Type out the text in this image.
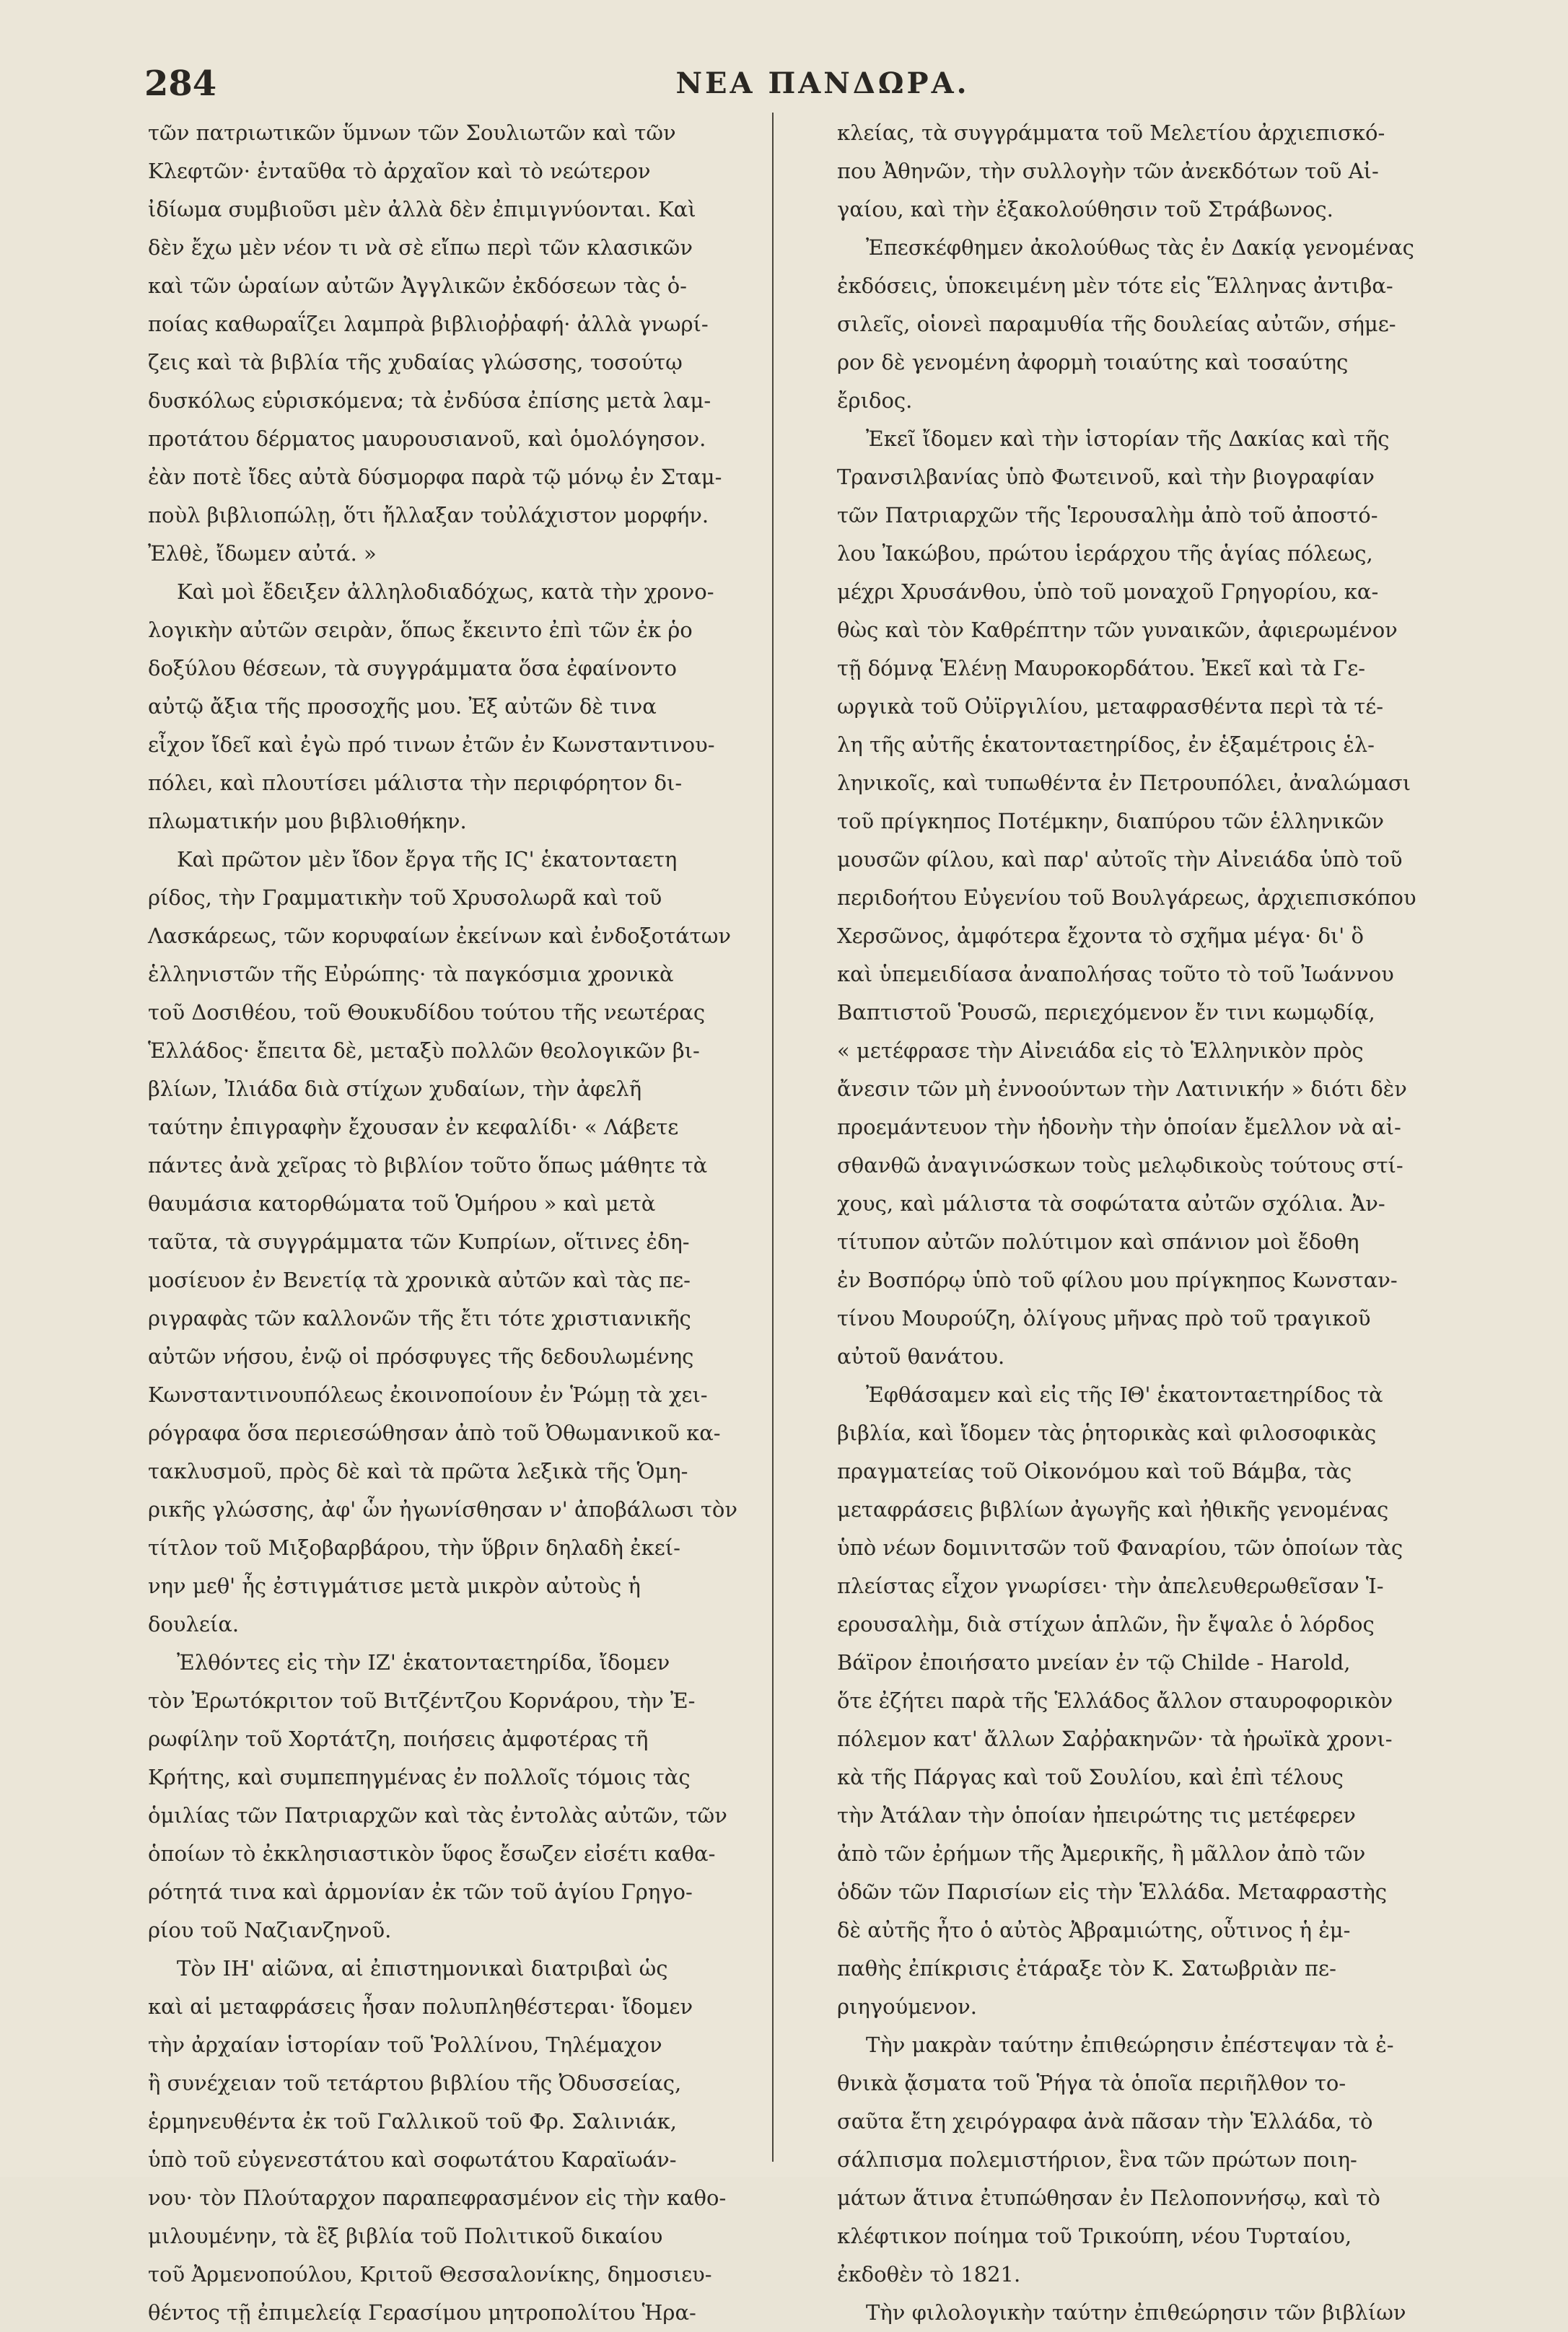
284	ΝΕΑ ΠΑΝΔΩΡΑ.

τῶν πατριωτικῶν ὕμνων τῶν Σουλιωτῶν καὶ τῶν
Κλεφτῶν· ἐνταῦθα τὸ ἀρχαῖον καὶ τὸ νεώτερον
ἰδίωμα συμβιοῦσι μὲν ἀλλὰ δὲν ἐπιμιγνύονται. Καὶ
δὲν ἔχω μὲν νέον τι νὰ σὲ εἴπω περὶ τῶν κλασικῶν
καὶ τῶν ὡραίων αὐτῶν Ἀγγλικῶν ἐκδόσεων τὰς ὁ-
ποίας καθωραΐζει λαμπρὰ βιβλιοῤῥαφή· ἀλλὰ γνωρί-
ζεις καὶ τὰ βιβλία τῆς χυδαίας γλώσσης, τοσούτῳ
δυσκόλως εὑρισκόμενα; τὰ ἐνδύσα ἐπίσης μετὰ λαμ-
προτάτου δέρματος μαυρουσιανοῦ, καὶ ὁμολόγησον.
ἐὰν ποτὲ ἴδες αὐτὰ δύσμορφα παρὰ τῷ μόνῳ ἐν Σταμ-
ποὺλ βιβλιοπώλῃ, ὅτι ἤλλαξαν τοὐλάχιστον μορφήν.
Ἐλθὲ, ἴδωμεν αὐτά. »

Καὶ μοὶ ἔδειξεν ἀλληλοδιαδόχως, κατὰ τὴν χρονο-
λογικὴν αὐτῶν σειρὰν, ὅπως ἔκειντο ἐπὶ τῶν ἐκ ῥο
δοξύλου θέσεων, τὰ συγγράμματα ὅσα ἐφαίνοντο
αὐτῷ ἄξια τῆς προσοχῆς μου. Ἐξ αὐτῶν δὲ τινα
εἶχον ἴδεῖ καὶ ἐγὼ πρό τινων ἐτῶν ἐν Κωνσταντινου-
πόλει, καὶ πλουτίσει μάλιστα τὴν περιφόρητον δι-
πλωματικήν μου βιβλιοθήκην.

Καὶ πρῶτον μὲν ἴδον ἔργα τῆς ΙϚ' ἑκατονταετη
ρίδος, τὴν Γραμματικὴν τοῦ Χρυσολωρᾶ καὶ τοῦ
Λασκάρεως, τῶν κορυφαίων ἐκείνων καὶ ἐνδοξοτάτων
ἑλληνιστῶν τῆς Εὐρώπης· τὰ παγκόσμια χρονικὰ
τοῦ Δοσιθέου, τοῦ Θουκυδίδου τούτου τῆς νεωτέρας
Ἑλλάδος· ἔπειτα δὲ, μεταξὺ πολλῶν θεολογικῶν βι-
βλίων, Ἰλιάδα διὰ στίχων χυδαίων, τὴν ἀφελῆ
ταύτην ἐπιγραφὴν ἔχουσαν ἐν κεφαλίδι· « Λάβετε
πάντες ἀνὰ χεῖρας τὸ βιβλίον τοῦτο ὅπως μάθητε τὰ
θαυμάσια κατορθώματα τοῦ Ὁμήρου » καὶ μετὰ
ταῦτα, τὰ συγγράμματα τῶν Κυπρίων, οἵτινες ἐδη-
μοσίευον ἐν Βενετίᾳ τὰ χρονικὰ αὐτῶν καὶ τὰς πε-
ριγραφὰς τῶν καλλονῶν τῆς ἔτι τότε χριστιανικῆς
αὐτῶν νήσου, ἐνῷ οἱ πρόσφυγες τῆς δεδουλωμένης
Κωνσταντινουπόλεως ἐκοινοποίουν ἐν Ῥώμῃ τὰ χει-
ρόγραφα ὅσα περιεσώθησαν ἀπὸ τοῦ Ὀθωμανικοῦ κα-
τακλυσμοῦ, πρὸς δὲ καὶ τὰ πρῶτα λεξικὰ τῆς Ὁμη-
ρικῆς γλώσσης, ἀφ' ὧν ἠγωνίσθησαν ν' ἀποβάλωσι τὸν
τίτλον τοῦ Μιξοβαρβάρου, τὴν ὕβριν δηλαδὴ ἐκεί-
νην μεθ' ἧς ἐστιγμάτισε μετὰ μικρὸν αὐτοὺς ἡ
δουλεία.

Ἐλθόντες εἰς τὴν ΙΖ' ἑκατονταετηρίδα, ἴδομεν
τὸν Ἐρωτόκριτον τοῦ Βιτζέντζου Κορνάρου, τὴν Ἐ-
ρωφίλην τοῦ Χορτάτζη, ποιήσεις ἀμφοτέρας τῆ
Κρήτης, καὶ συμπεπηγμένας ἐν πολλοῖς τόμοις τὰς
ὁμιλίας τῶν Πατριαρχῶν καὶ τὰς ἐντολὰς αὐτῶν, τῶν
ὁποίων τὸ ἐκκλησιαστικὸν ὕφος ἔσωζεν εἰσέτι καθα-
ρότητά τινα καὶ ἁρμονίαν ἐκ τῶν τοῦ ἁγίου Γρηγο-
ρίου τοῦ Ναζιανζηνοῦ.

Τὸν ΙΗ' αἰῶνα, αἱ ἐπιστημονικαὶ διατριβαὶ ὡς
καὶ αἱ μεταφράσεις ἦσαν πολυπληθέστεραι· ἴδομεν
τὴν ἀρχαίαν ἱστορίαν τοῦ Ῥολλίνου, Τηλέμαχον
ἢ συνέχειαν τοῦ τετάρτου βιβλίου τῆς Ὀδυσσείας,
ἑρμηνευθέντα ἐκ τοῦ Γαλλικοῦ τοῦ Φρ. Σαλινιάκ,
ὑπὸ τοῦ εὐγενεστάτου καὶ σοφωτάτου Καραϊωάν-
νου· τὸν Πλούταρχον παραπεφρασμένον εἰς τὴν καθο-
μιλουμένην, τὰ ἓξ βιβλία τοῦ Πολιτικοῦ δικαίου
τοῦ Ἀρμενοπούλου, Κριτοῦ Θεσσαλονίκης, δημοσιευ-
θέντος τῇ ἐπιμελείᾳ Γερασίμου μητροπολίτου Ἡρα-

κλείας, τὰ συγγράμματα τοῦ Μελετίου ἀρχιεπισκό-
που Ἀθηνῶν, τὴν συλλογὴν τῶν ἀνεκδότων τοῦ Αἰ-
γαίου, καὶ τὴν ἐξακολούθησιν τοῦ Στράβωνος.

Ἐπεσκέφθημεν ἀκολούθως τὰς ἐν Δακίᾳ γενομένας
ἐκδόσεις, ὑποκειμένη μὲν τότε εἰς Ἕλληνας ἀντιβα-
σιλεῖς, οἱονεὶ παραμυθία τῆς δουλείας αὐτῶν, σήμε-
ρον δὲ γενομένη ἀφορμὴ τοιαύτης καὶ τοσαύτης
ἔριδος.

Ἐκεῖ ἴδομεν καὶ τὴν ἱστορίαν τῆς Δακίας καὶ τῆς
Τρανσιλβανίας ὑπὸ Φωτεινοῦ, καὶ τὴν βιογραφίαν
τῶν Πατριαρχῶν τῆς Ἱερουσαλὴμ ἀπὸ τοῦ ἀποστό-
λου Ἰακώβου, πρώτου ἱεράρχου τῆς ἁγίας πόλεως,
μέχρι Χρυσάνθου, ὑπὸ τοῦ μοναχοῦ Γρηγορίου, κα-
θὼς καὶ τὸν Καθρέπτην τῶν γυναικῶν, ἀφιερωμένον
τῇ δόμνᾳ Ἑλένῃ Μαυροκορδάτου. Ἐκεῖ καὶ τὰ Γε-
ωργικὰ τοῦ Οὐϊργιλίου, μεταφρασθέντα περὶ τὰ τέ-
λη τῆς αὐτῆς ἑκατονταετηρίδος, ἐν ἑξαμέτροις ἑλ-
ληνικοῖς, καὶ τυπωθέντα ἐν Πετρουπόλει, ἀναλώμασι
τοῦ πρίγκηπος Ποτέμκην, διαπύρου τῶν ἑλληνικῶν
μουσῶν φίλου, καὶ παρ' αὐτοῖς τὴν Αἰνειάδα ὑπὸ τοῦ
περιδοήτου Εὐγενίου τοῦ Βουλγάρεως, ἀρχιεπισκόπου
Χερσῶνος, ἀμφότερα ἔχοντα τὸ σχῆμα μέγα· δι' ὃ
καὶ ὑπεμειδίασα ἀναπολήσας τοῦτο τὸ τοῦ Ἰωάννου
Βαπτιστοῦ Ῥουσῶ, περιεχόμενον ἔν τινι κωμῳδίᾳ,
« μετέφρασε τὴν Αἰνειάδα εἰς τὸ Ἑλληνικὸν πρὸς
ἄνεσιν τῶν μὴ ἐννοούντων τὴν Λατινικήν » διότι δὲν
προεμάντευον τὴν ἡδονὴν τὴν ὁποίαν ἔμελλον νὰ αἰ-
σθανθῶ ἀναγινώσκων τοὺς μελῳδικοὺς τούτους στί-
χους, καὶ μάλιστα τὰ σοφώτατα αὐτῶν σχόλια. Ἀν-
τίτυπον αὐτῶν πολύτιμον καὶ σπάνιον μοὶ ἔδοθη
ἐν Βοσπόρῳ ὑπὸ τοῦ φίλου μου πρίγκηπος Κωνσταν-
τίνου Μουρούζη, ὀλίγους μῆνας πρὸ τοῦ τραγικοῦ
αὐτοῦ θανάτου.

Ἐφθάσαμεν καὶ εἰς τῆς ΙΘ' ἑκατονταετηρίδος τὰ
βιβλία, καὶ ἴδομεν τὰς ῥητορικὰς καὶ φιλοσοφικὰς
πραγματείας τοῦ Οἰκονόμου καὶ τοῦ Βάμβα, τὰς
μεταφράσεις βιβλίων ἀγωγῆς καὶ ἠθικῆς γενομένας
ὑπὸ νέων δομινιτσῶν τοῦ Φαναρίου, τῶν ὁποίων τὰς
πλείστας εἶχον γνωρίσει· τὴν ἀπελευθερωθεῖσαν Ἱ-
ερουσαλὴμ, διὰ στίχων ἁπλῶν, ἣν ἔψαλε ὁ λόρδος
Βάϊρον ἐποιήσατο μνείαν ἐν τῷ Childe - Harold,
ὅτε ἐζήτει παρὰ τῆς Ἑλλάδος ἄλλον σταυροφορικὸν
πόλεμον κατ' ἄλλων Σαῤῥακηνῶν· τὰ ἡρωϊκὰ χρονι-
κὰ τῆς Πάργας καὶ τοῦ Σουλίου, καὶ ἐπὶ τέλους
τὴν Ἀτάλαν τὴν ὁποίαν ἠπειρώτης τις μετέφερεν
ἀπὸ τῶν ἐρήμων τῆς Ἀμερικῆς, ἢ μᾶλλον ἀπὸ τῶν
ὁδῶν τῶν Παρισίων εἰς τὴν Ἑλλάδα. Μεταφραστὴς
δὲ αὐτῆς ἦτο ὁ αὐτὸς Ἀβραμιώτης, οὗτινος ἡ ἐμ-
παθὴς ἐπίκρισις ἐτάραξε τὸν Κ. Σατωβριὰν πε-
ριηγούμενον.

Τὴν μακρὰν ταύτην ἐπιθεώρησιν ἐπέστεψαν τὰ ἐ-
θνικὰ ᾄσματα τοῦ Ῥήγα τὰ ὁποῖα περιῆλθον το-
σαῦτα ἔτη χειρόγραφα ἀνὰ πᾶσαν τὴν Ἑλλάδα, τὸ
σάλπισμα πολεμιστήριον, ἓνα τῶν πρώτων ποιη-
μάτων ἅτινα ἐτυπώθησαν ἐν Πελοποννήσῳ, καὶ τὸ
κλέφτικον ποίημα τοῦ Τρικούπη, νέου Τυρταίου,
ἐκδοθὲν τὸ 1821.

Τὴν φιλολογικὴν ταύτην ἐπιθεώρησιν τῶν βιβλίων
